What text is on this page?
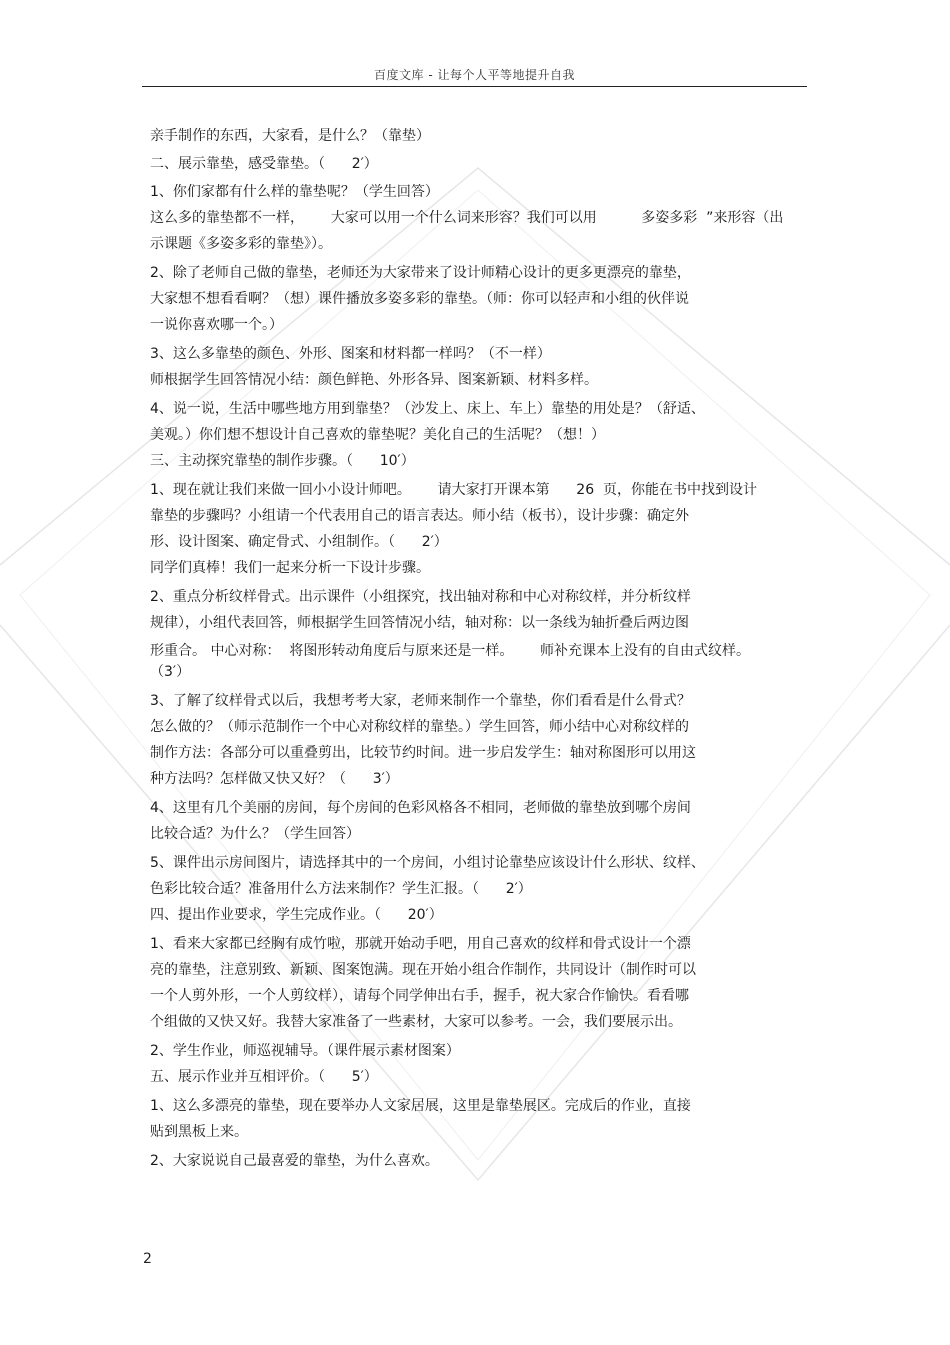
百度文库 - 让每个人平等地提升自我

亲手制作的东西，大家看，是什么？（靠垫）

二、展示靠垫，感受靠垫。（      2′）

1、你们家都有什么样的靠垫呢？（学生回答）

这么多的靠垫都不一样，      大家可以用一个什么词来形容？我们可以用          多姿多彩  ”来形容（出

示课题《多姿多彩的靠垫》）。

2、除了老师自己做的靠垫，老师还为大家带来了设计师精心设计的更多更漂亮的靠垫，

大家想不想看看啊？（想）课件播放多姿多彩的靠垫。（师：你可以轻声和小组的伙伴说

一说你喜欢哪一个。）

3、这么多靠垫的颜色、外形、图案和材料都一样吗？（不一样）

师根据学生回答情况小结：颜色鲜艳、外形各异、图案新颖、材料多样。

4、说一说，生活中哪些地方用到靠垫？（沙发上、床上、车上）靠垫的用处是？（舒适、

美观。）你们想不想设计自己喜欢的靠垫呢？美化自己的生活呢？（想！）

三、主动探究靠垫的制作步骤。（      10′）

1、现在就让我们来做一回小小设计师吧。      请大家打开课本第      26  页，你能在书中找到设计

靠垫的步骤吗？小组请一个代表用自己的语言表达。师小结（板书），设计步骤：确定外

形、设计图案、确定骨式、小组制作。（      2′）

同学们真棒！我们一起来分析一下设计步骤。

2、重点分析纹样骨式。出示课件（小组探究，找出轴对称和中心对称纹样，并分析纹样

规律），小组代表回答，师根据学生回答情况小结，轴对称：以一条线为轴折叠后两边图

形重合。 中心对称：  将图形转动角度后与原来还是一样。      师补充课本上没有的自由式纹样。

（3′）

3、了解了纹样骨式以后，我想考考大家，老师来制作一个靠垫，你们看看是什么骨式？

怎么做的？（师示范制作一个中心对称纹样的靠垫。）学生回答，师小结中心对称纹样的

制作方法：各部分可以重叠剪出，比较节约时间。进一步启发学生：轴对称图形可以用这

种方法吗？怎样做又快又好？（      3′）

4、这里有几个美丽的房间，每个房间的色彩风格各不相同，老师做的靠垫放到哪个房间

比较合适？为什么？（学生回答）

5、课件出示房间图片，请选择其中的一个房间，小组讨论靠垫应该设计什么形状、纹样、

色彩比较合适？准备用什么方法来制作？学生汇报。（      2′）

四、提出作业要求，学生完成作业。（      20′）

1、看来大家都已经胸有成竹啦，那就开始动手吧，用自己喜欢的纹样和骨式设计一个漂

亮的靠垫，注意别致、新颖、图案饱满。现在开始小组合作制作，共同设计（制作时可以

一个人剪外形，一个人剪纹样），请每个同学伸出右手，握手，祝大家合作愉快。看看哪

个组做的又快又好。我替大家准备了一些素材，大家可以参考。一会，我们要展示出。

2、学生作业，师巡视辅导。（课件展示素材图案）

五、展示作业并互相评价。（      5′）

1、这么多漂亮的靠垫，现在要举办人文家居展，这里是靠垫展区。完成后的作业，直接

贴到黑板上来。

2、大家说说自己最喜爱的靠垫，为什么喜欢。

2
